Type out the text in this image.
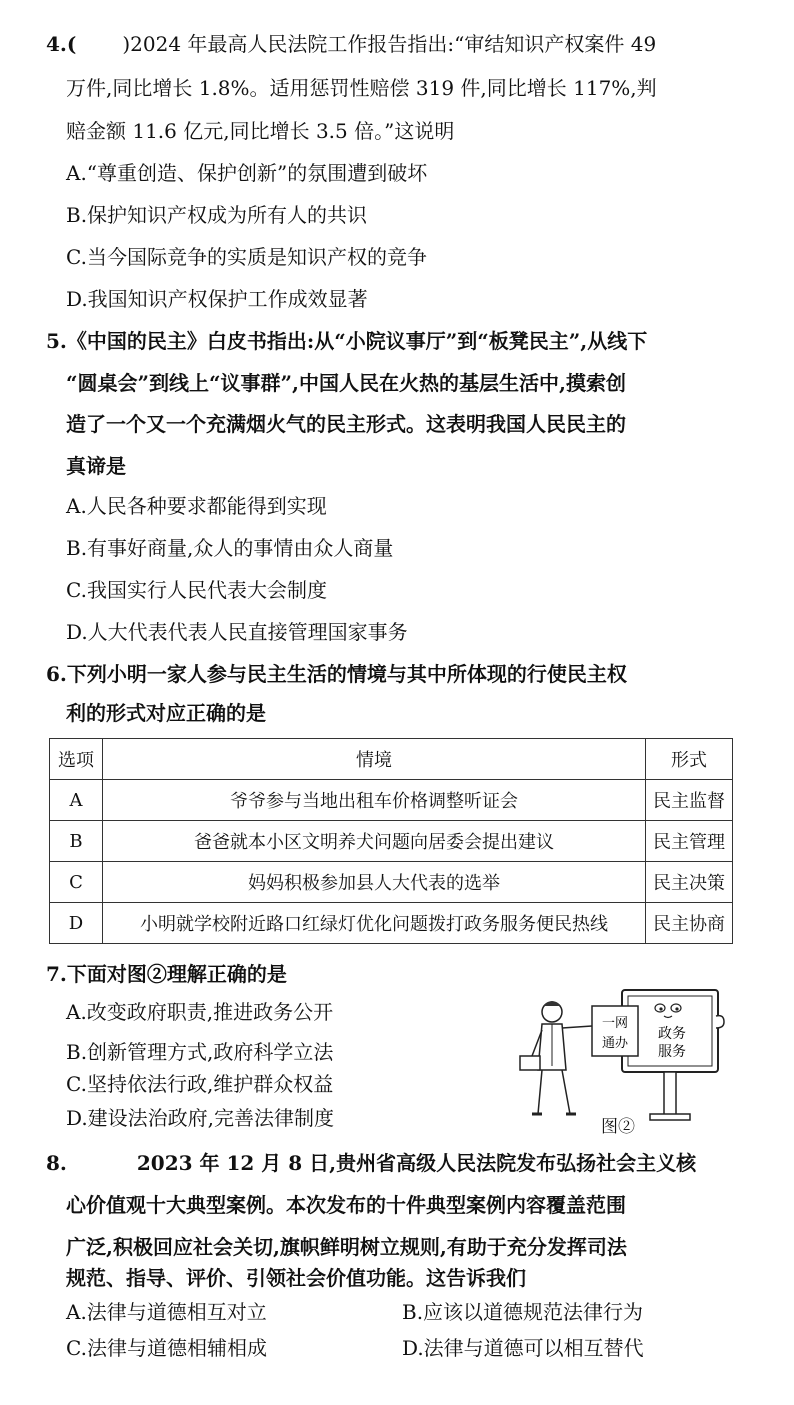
4.( )2024 年最高人民法院工作报告指出:“审结知识产权案件 49
万件,同比增长 1.8%。适用惩罚性赔偿 319 件,同比增长 117%,判
赔金额 11.6 亿元,同比增长 3.5 倍。”这说明
A.“尊重创造、保护创新”的氛围遭到破坏
B.保护知识产权成为所有人的共识
C.当今国际竞争的实质是知识产权的竞争
D.我国知识产权保护工作成效显著
5.《中国的民主》白皮书指出:从“小院议事厅”到“板凳民主”,从线下
“圆桌会”到线上“议事群”,中国人民在火热的基层生活中,摸索创
造了一个又一个充满烟火气的民主形式。这表明我国人民民主的
真谛是
A.人民各种要求都能得到实现
B.有事好商量,众人的事情由众人商量
C.我国实行人民代表大会制度
D.人大代表代表人民直接管理国家事务
6.下列小明一家人参与民主生活的情境与其中所体现的行使民主权
利的形式对应正确的是
选项	情境	形式
A	爷爷参与当地出租车价格调整听证会	民主监督
B	爸爸就本小区文明养犬问题向居委会提出建议	民主管理
C	妈妈积极参加县人大代表的选举	民主决策
D	小明就学校附近路口红绿灯优化问题拨打政务服务便民热线	民主协商
7.下面对图②理解正确的是
A.改变政府职责,推进政务公开
B.创新管理方式,政府科学立法
C.坚持依法行政,维护群众权益
D.建设法治政府,完善法律制度
政务
服务
一网
通办
图②
8.	2023 年 12 月 8 日,贵州省高级人民法院发布弘扬社会主义核
心价值观十大典型案例。本次发布的十件典型案例内容覆盖范围
广泛,积极回应社会关切,旗帜鲜明树立规则,有助于充分发挥司法
规范、指导、评价、引领社会价值功能。这告诉我们
A.法律与道德相互对立	B.应该以道德规范法律行为
C.法律与道德相辅相成	D.法律与道德可以相互替代
